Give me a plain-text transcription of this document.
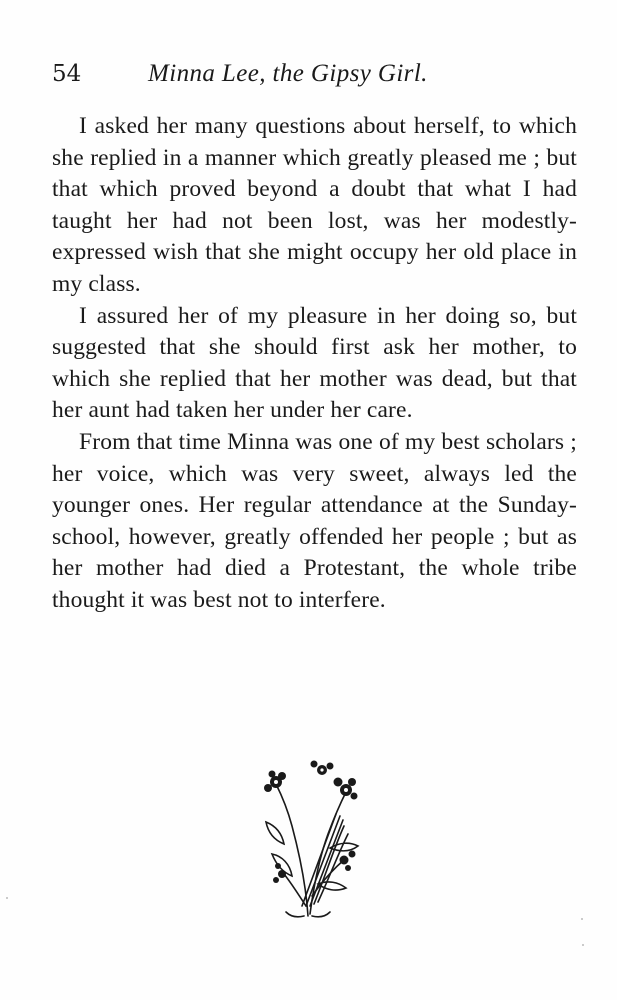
54	Minna Lee, the Gipsy Girl.

I asked her many questions about herself, to which she replied in a manner which greatly pleased me ; but that which proved beyond a doubt that what I had taught her had not been lost, was her modestly-expressed wish that she might occupy her old place in my class.

I assured her of my pleasure in her doing so, but suggested that she should first ask her mother, to which she replied that her mother was dead, but that her aunt had taken her under her care.

From that time Minna was one of my best scholars ; her voice, which was very sweet, always led the younger ones. Her regular attendance at the Sunday-school, however, greatly offended her people ; but as her mother had died a Protestant, the whole tribe thought it was best not to interfere.
